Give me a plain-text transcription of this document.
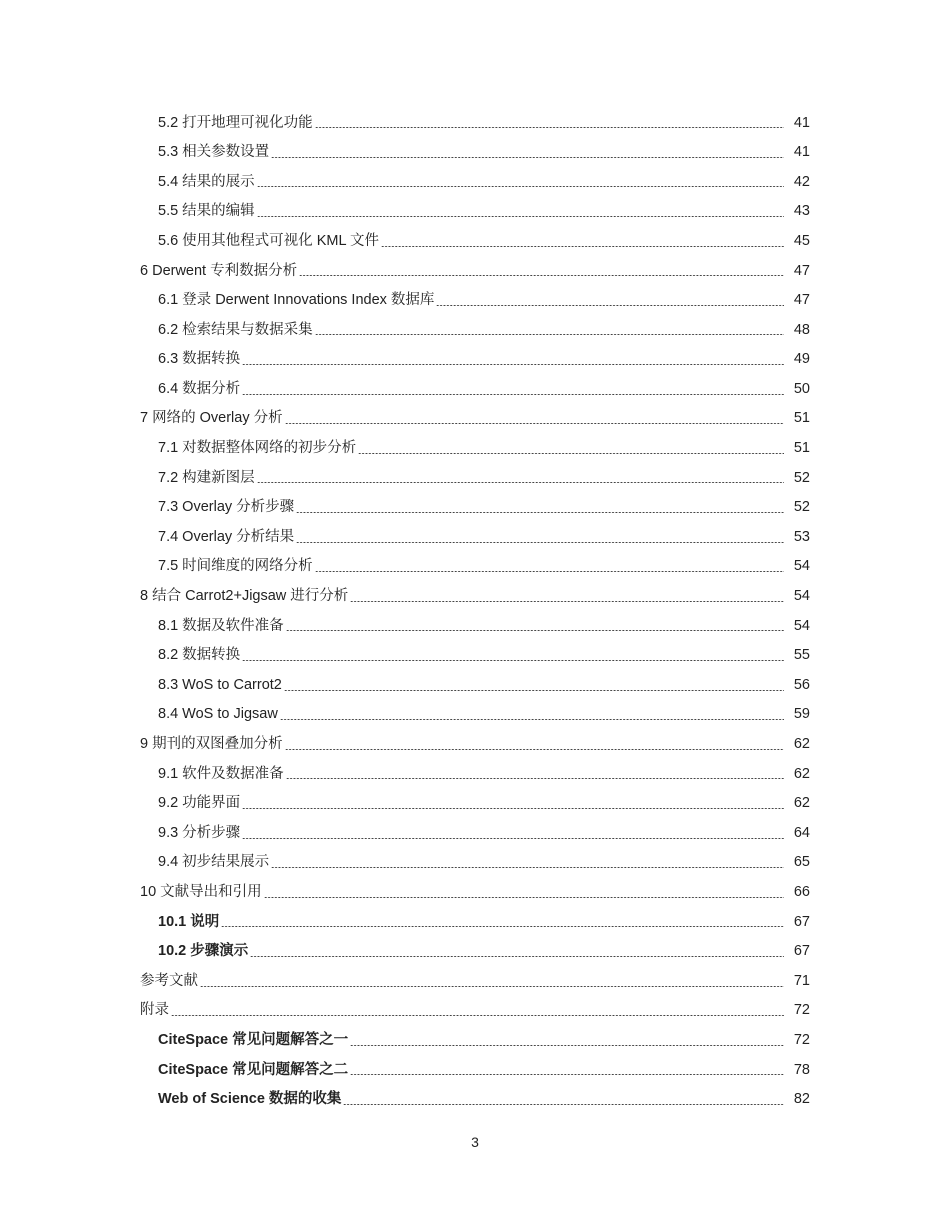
5.2 打开地理可视化功能	41
5.3 相关参数设置	41
5.4 结果的展示	42
5.5 结果的编辑	43
5.6 使用其他程式可视化 KML 文件	45
6 Derwent 专利数据分析	47
6.1 登录 Derwent Innovations Index 数据库	47
6.2 检索结果与数据采集	48
6.3 数据转换	49
6.4 数据分析	50
7 网络的 Overlay 分析	51
7.1 对数据整体网络的初步分析	51
7.2 构建新图层	52
7.3 Overlay 分析步骤	52
7.4 Overlay 分析结果	53
7.5 时间维度的网络分析	54
8 结合 Carrot2+Jigsaw 进行分析	54
8.1 数据及软件准备	54
8.2 数据转换	55
8.3 WoS to Carrot2	56
8.4 WoS to Jigsaw	59
9 期刊的双图叠加分析	62
9.1 软件及数据准备	62
9.2 功能界面	62
9.3 分析步骤	64
9.4 初步结果展示	65
10 文献导出和引用	66
10.1 说明	67
10.2 步骤演示	67
参考文献	71
附录	72
CiteSpace 常见问题解答之一	72
CiteSpace 常见问题解答之二	78
Web of Science 数据的收集	82
3
